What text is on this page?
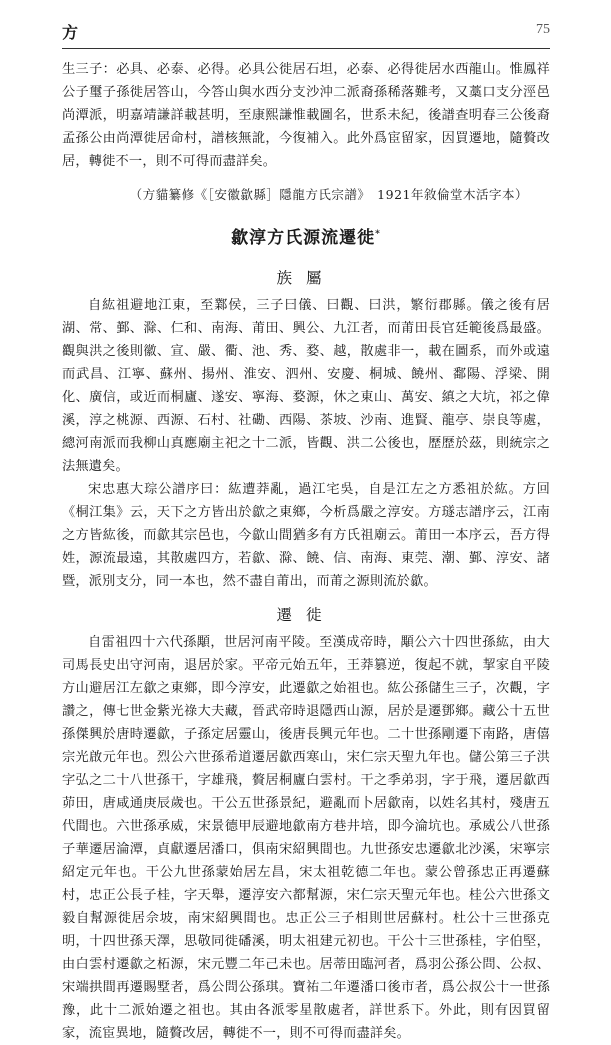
方	75

生三子：必具、必泰、必得。必具公徙居石坦，必泰、必得徙居水西龍山。惟鳳祥公子璽子孫徙居答山，今答山與水西分支沙沖二派裔孫稀落難考，又藁口支分涇邑尚潭派，明嘉靖謙詳載甚明，至康熙謙惟載圖名，世系未紀，後譜查明春三公後裔孟孫公由尚潭徙居命村，譜核無訛，今復補入。此外爲宦留家，因買遷地，隨贅改居，轉徙不一，則不可得而盡詳矣。

（方貓纂修《［安徽歙縣］隱龍方氏宗譜》　1921年敘倫堂木活字本）
歙淳方氏源流遷徙*
族屬

自紘祖避地江東，至鄴侯，三子曰儀、曰觀、曰洪，繁衍郡縣。儀之後有居湖、常、鄞、滁、仁和、南海、莆田、興公、九江者，而莆田長官廷範後爲最盛。觀與洪之後則徽、宣、嚴、衢、池、秀、婺、越，散處非一，載在圖系，而外或遠而武昌、江寧、蘇州、揚州、淮安、泗州、安慶、桐城、饒州、鄱陽、浮梁、開化、廣信，或近而桐廬、遂安、寧海、婺源，休之東山、萬安、縝之大坑，祁之偉溪，淳之桃源、西源、石村、社磡、西陽、茶坡、沙南、進賢、龍亭、崇良等處，總河南派而我柳山真應廟主祀之十二派，皆觀、洪二公後也，歷歷於茲，則統宗之法無遺矣。

宋忠惠大琮公譜序曰：紘遭莽亂，過江宅吳，自是江左之方悉祖於紘。方回《桐江集》云，天下之方皆出於歙之東鄉，今析爲嚴之淳安。方璲志譜序云，江南之方皆紘後，而歙其宗邑也，今歙山間猶多有方氏祖廟云。莆田一本序云，吾方得姓，源流最遠，其散處四方，若歙、滁、饒、信、南海、東莞、潮、鄞、淳安、諸暨，派別支分，同一本也，然不盡自莆出，而莆之源則流於歙。

遷徙

自雷祖四十六代孫顒，世居河南平陵。至漢成帝時，顒公六十四世孫紘，由大司馬長史出守河南，退居於家。平帝元始五年，王莽篡逆，復起不就，挈家自平陵方山避居江左歙之東鄉，即今淳安，此遷歙之始祖也。紘公孫儲生三子，次觀，字讚之，傳七世金紫光祿大夫藏，晉武帝時退隱西山源，居於是遷鄧鄉。藏公十五世孫傑興於唐時遷歙，子孫定居靈山，後唐長興元年也。二十世孫剛遷下南路，唐僖宗光啟元年也。烈公六世孫希道遷居歙西寒山，宋仁宗天聖九年也。儲公第三子洪字弘之二十八世孫干，字雄飛，贅居桐廬白雲村。干之季弟羽，字于飛，遷居歙西茆田，唐咸通庚辰歲也。干公五世孫景紀，避亂而卜居歙南，以姓名其村，殘唐五代間也。六世孫承威，宋景德甲辰避地歙南方巷井培，即今淪坑也。承威公八世孫子華遷居淪潭，貞獻遷居潘口，俱南宋紹興間也。九世孫安忠遷歙北沙溪，宋寧宗紹定元年也。干公九世孫蒙始居左昌，宋太祖乾德二年也。蒙公曾孫忠正再遷蘇村，忠正公長子桂，字天舉，遷淳安六都幫源，宋仁宗天聖元年也。桂公六世孫文毅自幫源徙居佘坡，南宋紹興間也。忠正公三子相則世居蘇村。杜公十三世孫克明，十四世孫天澤，思敬同徙磻溪，明太祖建元初也。干公十三世孫桂，字伯堅，由白雲村遷歙之柘源，宋元豐二年己未也。居蒂田臨河者，爲羽公孫公問、公叔、宋端拱間再遷賜墅者，爲公問公孫琪。寶祐二年遷潘口後市者，爲公叔公十一世孫豫，此十二派始遷之祖也。其由各派零星散處者，詳世系下。外此，則有因買留家，流宦異地，隨贅改居，轉徙不一，則不可得而盡詳矣。
